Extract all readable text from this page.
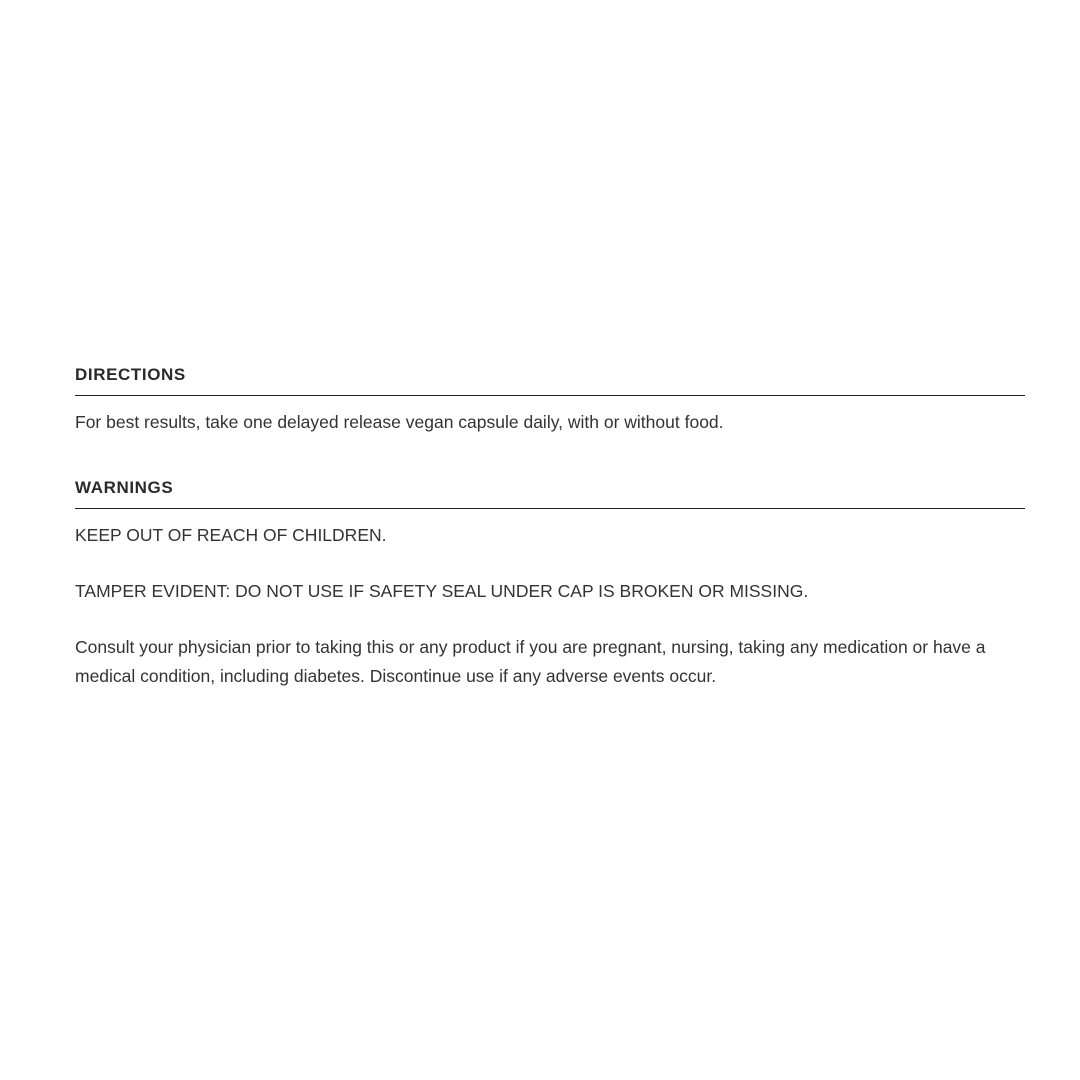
DIRECTIONS

For best results, take one delayed release vegan capsule daily, with or without food.

WARNINGS

KEEP OUT OF REACH OF CHILDREN.

TAMPER EVIDENT: DO NOT USE IF SAFETY SEAL UNDER CAP IS BROKEN OR MISSING.

Consult your physician prior to taking this or any product if you are pregnant, nursing, taking any medication or have a medical condition, including diabetes. Discontinue use if any adverse events occur.
